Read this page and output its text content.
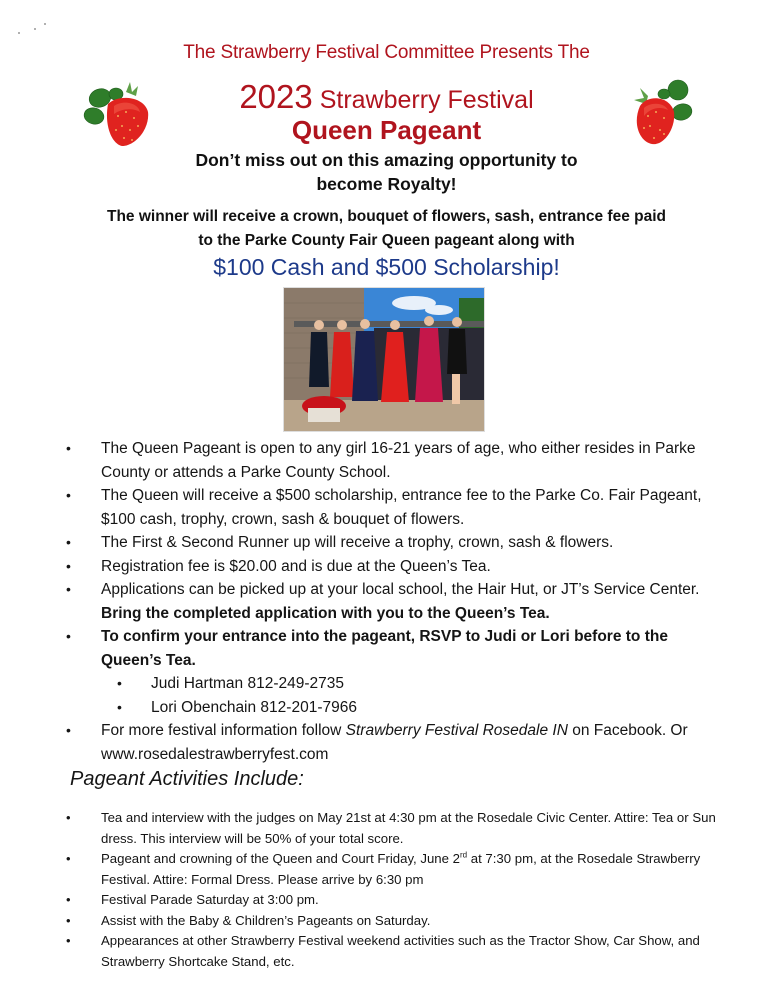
The Strawberry Festival Committee Presents The
2023 Strawberry Festival
Queen Pageant
Don’t miss out on this amazing opportunity to become Royalty!
The winner will receive a crown, bouquet of flowers, sash, entrance fee paid to the Parke County Fair Queen pageant along with
$100 Cash and $500 Scholarship!
• The Queen Pageant is open to any girl 16-21 years of age, who either resides in Parke County or attends a Parke County School.
• The Queen will receive a $500 scholarship, entrance fee to the Parke Co. Fair Pageant, $100 cash, trophy, crown, sash & bouquet of flowers.
• The First & Second Runner up will receive a trophy, crown, sash & flowers.
• Registration fee is $20.00 and is due at the Queen’s Tea.
• Applications can be picked up at your local school, the Hair Hut, or JT’s Service Center. Bring the completed application with you to the Queen’s Tea.
• To confirm your entrance into the pageant, RSVP to Judi or Lori before to the Queen’s Tea.
• Judi Hartman 812-249-2735
• Lori Obenchain 812-201-7966
• For more festival information follow Strawberry Festival Rosedale IN on Facebook. Or www.rosedalestrawberryfest.com
Pageant Activities Include:
• Tea and interview with the judges on May 21st at 4:30 pm at the Rosedale Civic Center. Attire: Tea or Sun dress. This interview will be 50% of your total score.
• Pageant and crowning of the Queen and Court Friday, June 2rd at 7:30 pm, at the Rosedale Strawberry Festival. Attire: Formal Dress. Please arrive by 6:30 pm
• Festival Parade Saturday at 3:00 pm.
• Assist with the Baby & Children’s Pageants on Saturday.
• Appearances at other Strawberry Festival weekend activities such as the Tractor Show, Car Show, and Strawberry Shortcake Stand, etc.
